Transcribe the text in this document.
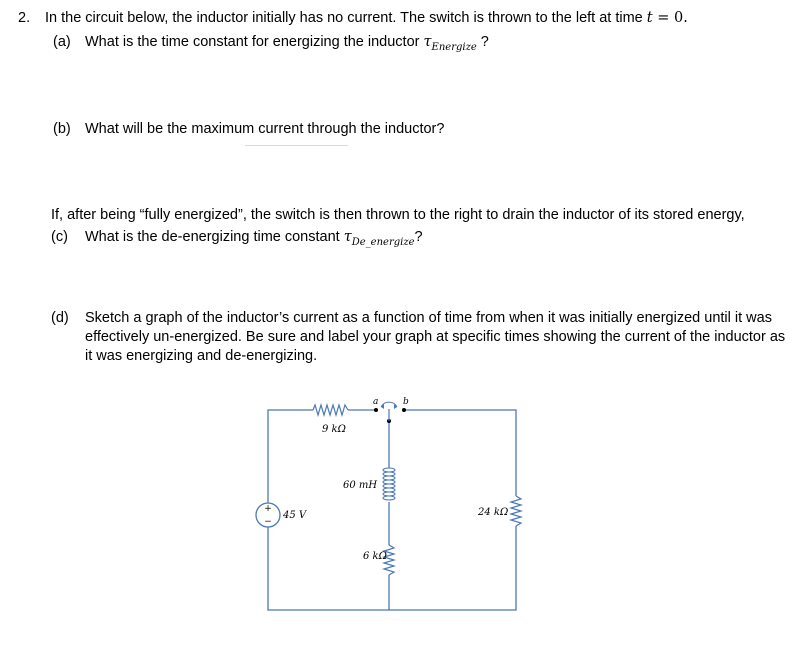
2. In the circuit below, the inductor initially has no current. The switch is thrown to the left at time t = 0.
(a) What is the time constant for energizing the inductor $\tau_{Energize}$ ?
(b) What will be the maximum current through the inductor?
If, after being “fully energized”, the switch is then thrown to the right to drain the inductor of its stored energy,
(c) What is the de-energizing time constant $\tau_{De\_energize}$?
(d) Sketch a graph of the inductor’s current as a function of time from when it was initially energized until it was
effectively un-energized. Be sure and label your graph at specific times showing the current of the inductor as
it was energizing and de-energizing.
+
−
9 kΩ
60 mH
45 V	24 kΩ
6 kΩ
a	b
